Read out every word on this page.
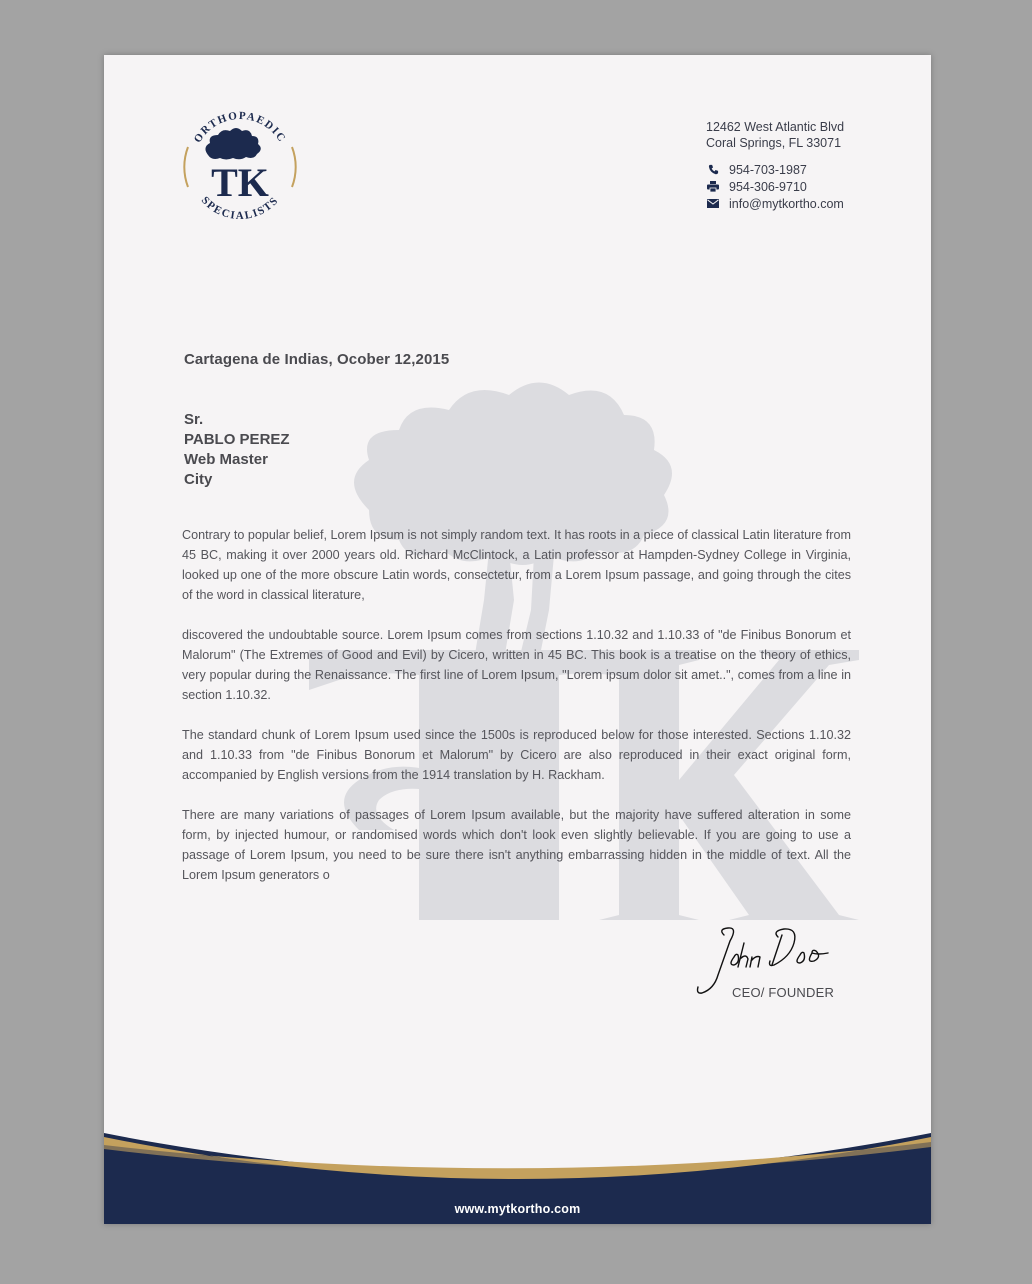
ORTHOPAEDIC
SPECIALISTS
TK
12462 West Atlantic Blvd
Coral Springs, FL 33071
954-703-1987
954-306-9710
info@mytkortho.com
Cartagena de Indias, Ocober 12,2015
Sr.
PABLO PEREZ
Web Master
City

Contrary to popular belief, Lorem Ipsum is not simply random text. It has roots in a piece of classical Latin literature from 45 BC, making it over 2000 years old. Richard McClintock, a Latin professor at Hampden-Sydney College in Virginia, looked up one of the more obscure Latin words, consectetur, from a Lorem Ipsum passage, and going through the cites of the word in classical literature,

discovered the undoubtable source. Lorem Ipsum comes from sections 1.10.32 and 1.10.33 of "de Finibus Bonorum et Malorum" (The Extremes of Good and Evil) by Cicero, written in 45 BC. This book is a treatise on the theory of ethics, very popular during the Renaissance. The first line of Lorem Ipsum, "Lorem ipsum dolor sit amet..", comes from a line in section 1.10.32.

The standard chunk of Lorem Ipsum used since the 1500s is reproduced below for those interested. Sections 1.10.32 and 1.10.33 from "de Finibus Bonorum et Malorum" by Cicero are also reproduced in their exact original form, accompanied by English versions from the 1914 translation by H. Rackham.

There are many variations of passages of Lorem Ipsum available, but the majority have suffered alteration in some form, by injected humour, or randomised words which don't look even slightly believable. If you are going to use a passage of Lorem Ipsum, you need to be sure there isn't anything embarrassing hidden in the middle of text. All the Lorem Ipsum generators o

CEO/ FOUNDER
www.mytkortho.com
